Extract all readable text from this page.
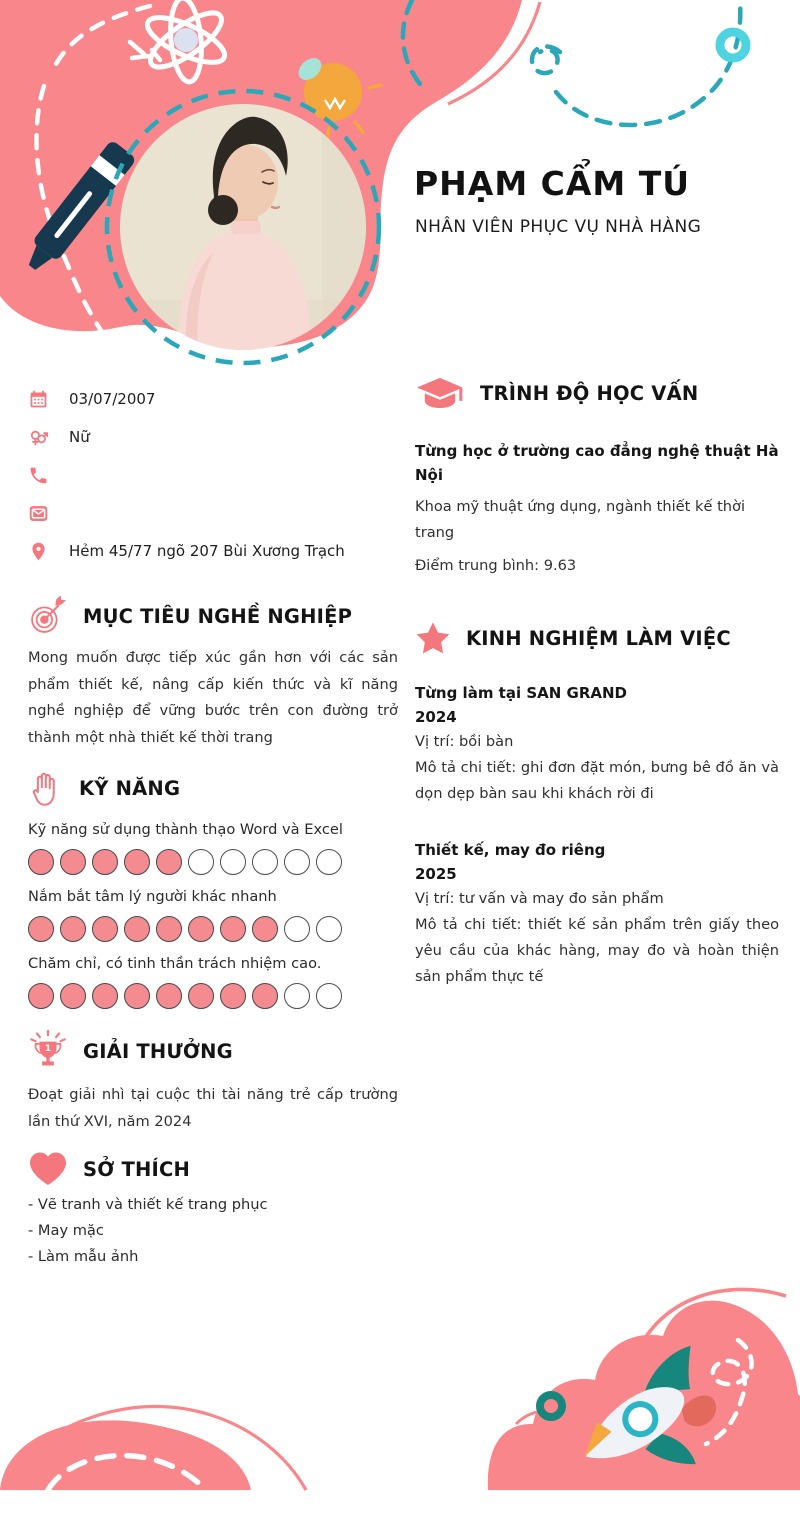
PHẠM CẨM TÚ
NHÂN VIÊN PHỤC VỤ NHÀ HÀNG
03/07/2007
Nữ
Hẻm 45/77 ngõ 207 Bùi Xương Trạch
MỤC TIÊU NGHỀ NGHIỆP
Mong muốn được tiếp xúc gần hơn với các sản phẩm thiết kế, nâng cấp kiến thức và kĩ năng nghề nghiệp để vững bước trên con đường trở thành một nhà thiết kế thời trang
KỸ NĂNG
Kỹ năng sử dụng thành thạo Word và Excel
Nắm bắt tâm lý người khác nhanh
Chăm chỉ, có tinh thần trách nhiệm cao.
1 GIẢI THƯỞNG
Đoạt giải nhì tại cuộc thi tài năng trẻ cấp trường lần thứ XVI, năm 2024
SỞ THÍCH
- Vẽ tranh và thiết kế trang phục
- May mặc
- Làm mẫu ảnh
TRÌNH ĐỘ HỌC VẤN
Từng học ở trường cao đẳng nghệ thuật Hà Nội
Khoa mỹ thuật ứng dụng, ngành thiết kế thời trang
Điểm trung bình: 9.63
KINH NGHIỆM LÀM VIỆC
Từng làm tại SAN GRAND
2024
Vị trí: bồi bàn
Mô tả chi tiết: ghi đơn đặt món, bưng bê đồ ăn và dọn dẹp bàn sau khi khách rời đi
Thiết kế, may đo riêng
2025
Vị trí: tư vấn và may đo sản phẩm
Mô tả chi tiết: thiết kế sản phẩm trên giấy theo yêu cầu của khác hàng, may đo và hoàn thiện sản phẩm thực tế
